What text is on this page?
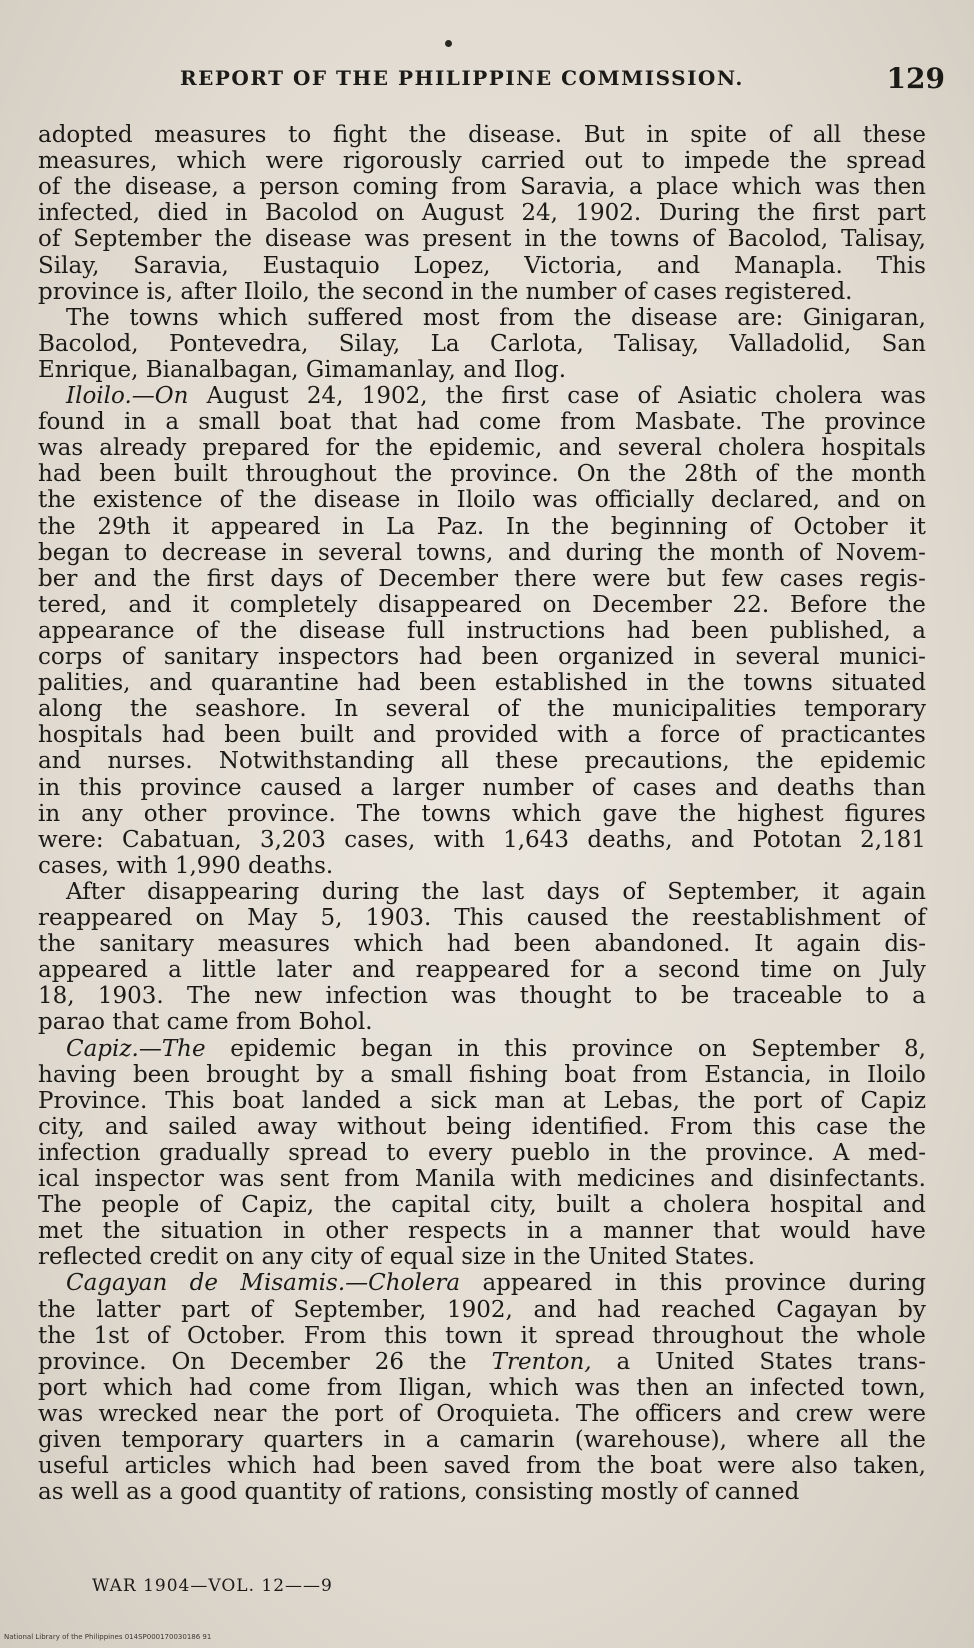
REPORT OF THE PHILIPPINE COMMISSION.	129
adopted measures to fight the disease. But in spite of all these
measures, which were rigorously carried out to impede the spread
of the disease, a person coming from Saravia, a place which was then
infected, died in Bacolod on August 24, 1902. During the first part
of September the disease was present in the towns of Bacolod, Talisay,
Silay, Saravia, Eustaquio Lopez, Victoria, and Manapla. This
province is, after Iloilo, the second in the number of cases registered.
The towns which suffered most from the disease are: Ginigaran,
Bacolod, Pontevedra, Silay, La Carlota, Talisay, Valladolid, San
Enrique, Bianalbagan, Gimamanlay, and Ilog.
Iloilo.—On August 24, 1902, the first case of Asiatic cholera was
found in a small boat that had come from Masbate. The province
was already prepared for the epidemic, and several cholera hospitals
had been built throughout the province. On the 28th of the month
the existence of the disease in Iloilo was officially declared, and on
the 29th it appeared in La Paz. In the beginning of October it
began to decrease in several towns, and during the month of Novem-
ber and the first days of December there were but few cases regis-
tered, and it completely disappeared on December 22. Before the
appearance of the disease full instructions had been published, a
corps of sanitary inspectors had been organized in several munici-
palities, and quarantine had been established in the towns situated
along the seashore. In several of the municipalities temporary
hospitals had been built and provided with a force of practicantes
and nurses. Notwithstanding all these precautions, the epidemic
in this province caused a larger number of cases and deaths than
in any other province. The towns which gave the highest figures
were: Cabatuan, 3,203 cases, with 1,643 deaths, and Pototan 2,181
cases, with 1,990 deaths.
After disappearing during the last days of September, it again
reappeared on May 5, 1903. This caused the reestablishment of
the sanitary measures which had been abandoned. It again dis-
appeared a little later and reappeared for a second time on July
18, 1903. The new infection was thought to be traceable to a
parao that came from Bohol.
Capiz.—The epidemic began in this province on September 8,
having been brought by a small fishing boat from Estancia, in Iloilo
Province. This boat landed a sick man at Lebas, the port of Capiz
city, and sailed away without being identified. From this case the
infection gradually spread to every pueblo in the province. A med-
ical inspector was sent from Manila with medicines and disinfectants.
The people of Capiz, the capital city, built a cholera hospital and
met the situation in other respects in a manner that would have
reflected credit on any city of equal size in the United States.
Cagayan de Misamis.—Cholera appeared in this province during
the latter part of September, 1902, and had reached Cagayan by
the 1st of October. From this town it spread throughout the whole
province. On December 26 the Trenton, a United States trans-
port which had come from Iligan, which was then an infected town,
was wrecked near the port of Oroquieta. The officers and crew were
given temporary quarters in a camarin (warehouse), where all the
useful articles which had been saved from the boat were also taken,
as well as a good quantity of rations, consisting mostly of canned
WAR 1904—VOL. 12——9
National Library of the Philippines 014SP000170030186 91
